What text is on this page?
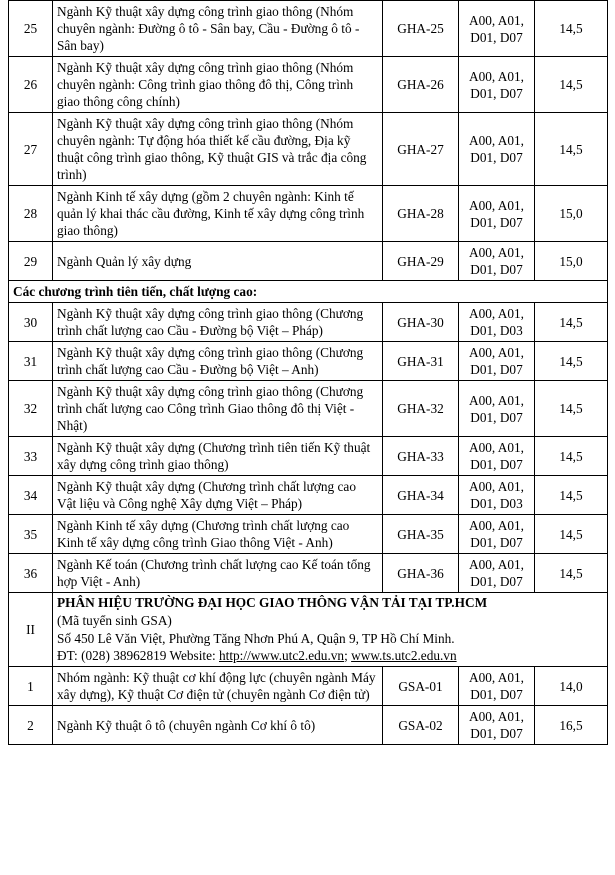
25	Ngành Kỹ thuật xây dựng công trình giao thông (Nhóm chuyên ngành: Đường ô tô - Sân bay, Cầu - Đường ô tô - Sân bay)	GHA-25	A00, A01, D01, D07	14,5
26	Ngành Kỹ thuật xây dựng công trình giao thông (Nhóm chuyên ngành: Công trình giao thông đô thị, Công trình giao thông công chính)	GHA-26	A00, A01, D01, D07	14,5
27	Ngành Kỹ thuật xây dựng công trình giao thông (Nhóm chuyên ngành: Tự động hóa thiết kế cầu đường, Địa kỹ thuật công trình giao thông, Kỹ thuật GIS và trắc địa công trình)	GHA-27	A00, A01, D01, D07	14,5
28	Ngành Kinh tế xây dựng (gồm 2 chuyên ngành: Kinh tế quản lý khai thác cầu đường, Kinh tế xây dựng công trình giao thông)	GHA-28	A00, A01, D01, D07	15,0
29	Ngành Quản lý xây dựng	GHA-29	A00, A01, D01, D07	15,0
Các chương trình tiên tiến, chất lượng cao:				
30	Ngành Kỹ thuật xây dựng công trình giao thông (Chương trình chất lượng cao Cầu - Đường bộ Việt – Pháp)	GHA-30	A00, A01, D01, D03	14,5
31	Ngành Kỹ thuật xây dựng công trình giao thông (Chương trình chất lượng cao Cầu - Đường bộ Việt – Anh)	GHA-31	A00, A01, D01, D07	14,5
32	Ngành Kỹ thuật xây dựng công trình giao thông (Chương trình chất lượng cao Công trình Giao thông đô thị Việt - Nhật)	GHA-32	A00, A01, D01, D07	14,5
33	Ngành Kỹ thuật xây dựng (Chương trình tiên tiến Kỹ thuật xây dựng công trình giao thông)	GHA-33	A00, A01, D01, D07	14,5
34	Ngành Kỹ thuật xây dựng (Chương trình chất lượng cao Vật liệu và Công nghệ Xây dựng Việt – Pháp)	GHA-34	A00, A01, D01, D03	14,5
35	Ngành Kinh tế xây dựng (Chương trình chất lượng cao Kinh tế xây dựng công trình Giao thông Việt - Anh)	GHA-35	A00, A01, D01, D07	14,5
36	Ngành Kế toán (Chương trình chất lượng cao Kế toán tổng hợp Việt - Anh)	GHA-36	A00, A01, D01, D07	14,5
II	PHÂN HIỆU TRƯỜNG ĐẠI HỌC GIAO THÔNG VẬN TẢI TẠI TP.HCM
(Mã tuyển sinh GSA)
Số 450 Lê Văn Việt, Phường Tăng Nhơn Phú A, Quận 9, TP Hồ Chí Minh.
ĐT: (028) 38962819 Website: http://www.utc2.edu.vn; www.ts.utc2.edu.vn			

1	Nhóm ngành: Kỹ thuật cơ khí động lực (chuyên ngành Máy xây dựng), Kỹ thuật Cơ điện tử (chuyên ngành Cơ điện tử)	GSA-01	A00, A01, D01, D07	14,0
2	Ngành Kỹ thuật ô tô (chuyên ngành Cơ khí ô tô)	GSA-02	A00, A01, D01, D07	16,5
